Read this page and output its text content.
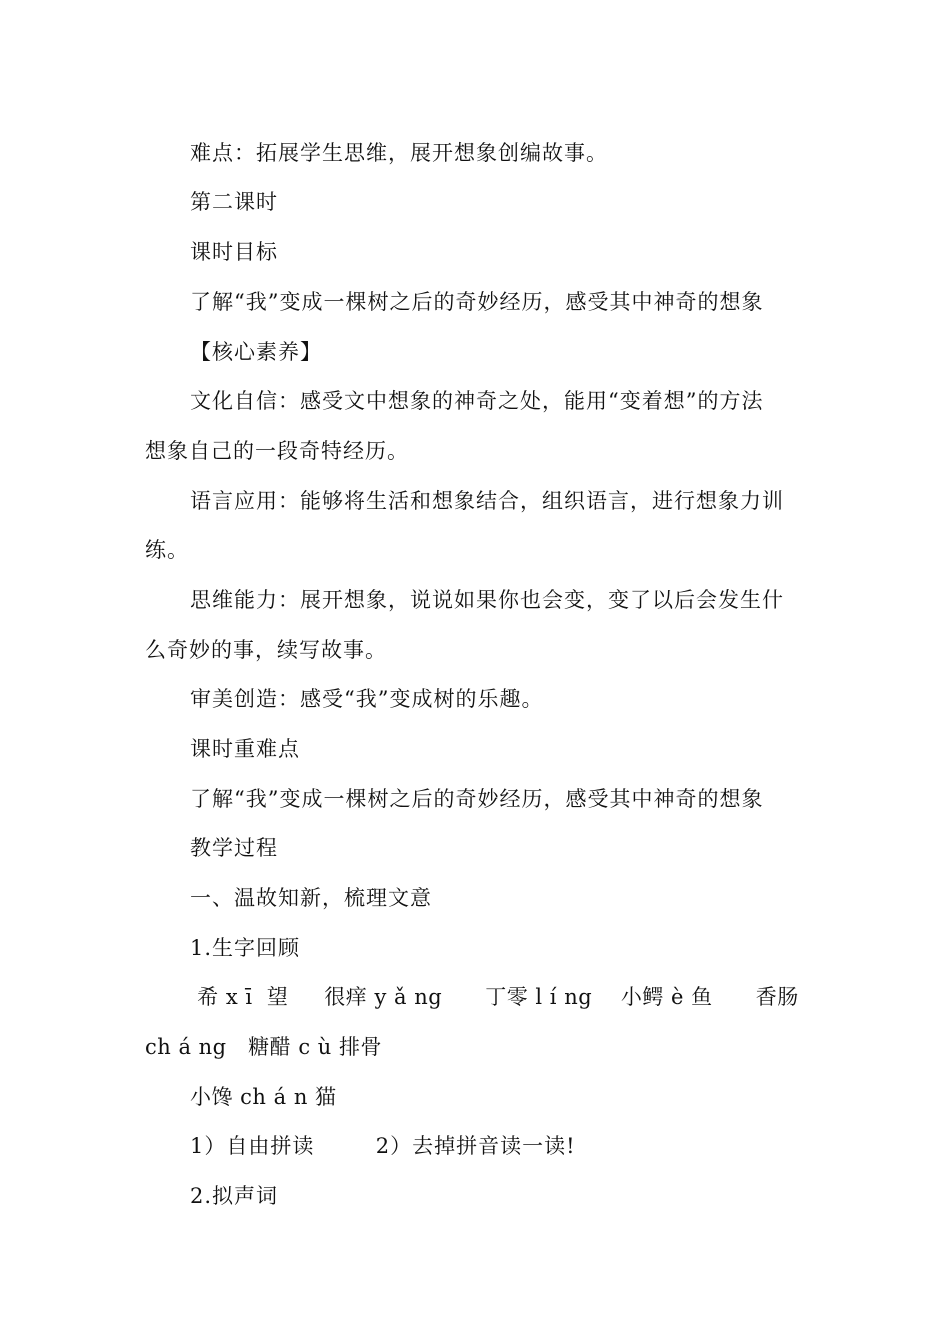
难点：拓展学生思维，展开想象创编故事。

第二课时

课时目标

了解“我”变成一棵树之后的奇妙经历，感受其中神奇的想象

【核心素养】

文化自信：感受文中想象的神奇之处，能用“变着想”的方法

想象自己的一段奇特经历。

语言应用：能够将生活和想象结合，组织语言，进行想象力训

练。

思维能力：展开想象，说说如果你也会变，变了以后会发生什

么奇妙的事，续写故事。

审美创造：感受“我”变成树的乐趣。

课时重难点

了解“我”变成一棵树之后的奇妙经历，感受其中神奇的想象

教学过程

一、温故知新，梳理文意

1.生字回顾

希 x ī  望     很痒 y ǎ ng      丁零 l í ng    小鳄 è 鱼      香肠

ch á ng   糖醋 c ù 排骨

小馋 ch á n 猫

1）自由拼读        2）去掉拼音读一读!

2.拟声词
